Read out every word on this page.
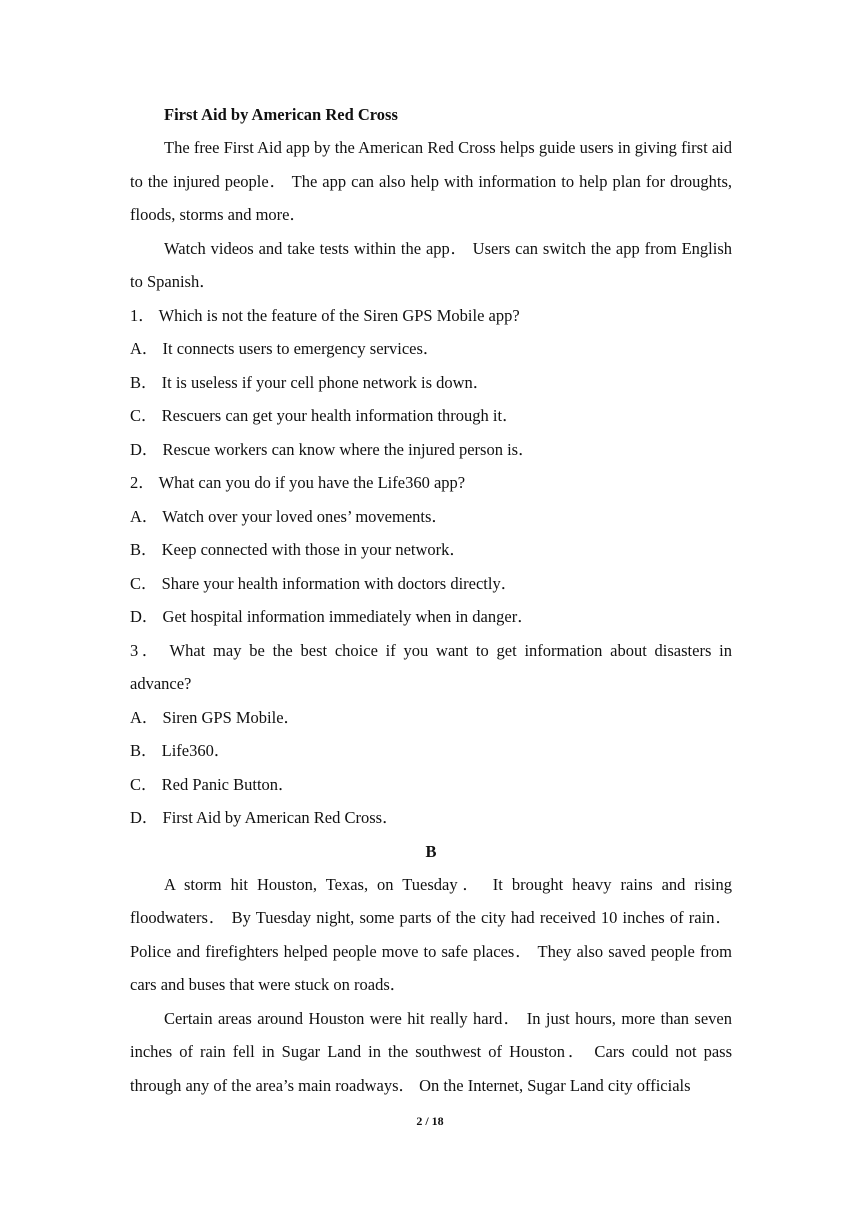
First Aid by American Red Cross

The free First Aid app by the American Red Cross helps guide users in giving first aid to the injured people． The app can also help with information to help plan for droughts, floods, storms and more．

Watch videos and take tests within the app． Users can switch the app from English to Spanish．

1． Which is not the feature of the Siren GPS Mobile app?

A． It connects users to emergency services．

B． It is useless if your cell phone network is down．

C． Rescuers can get your health information through it．

D． Rescue workers can know where the injured person is．

2． What can you do if you have the Life360 app?

A． Watch over your loved ones’ movements．

B． Keep connected with those in your network．

C． Share your health information with doctors directly．

D． Get hospital information immediately when in danger．

3． What may be the best choice if you want to get information about disasters in advance?

A． Siren GPS Mobile．

B． Life360．

C． Red Panic Button．

D． First Aid by American Red Cross．

B

A storm hit Houston, Texas, on Tuesday． It brought heavy rains and rising floodwaters． By Tuesday night, some parts of the city had received 10 inches of rain． Police and firefighters helped people move to safe places． They also saved people from cars and buses that were stuck on roads．

Certain areas around Houston were hit really hard． In just hours, more than seven inches of rain fell in Sugar Land in the southwest of Houston． Cars could not pass through any of the area’s main roadways． On the Internet, Sugar Land city officials

2 / 18
